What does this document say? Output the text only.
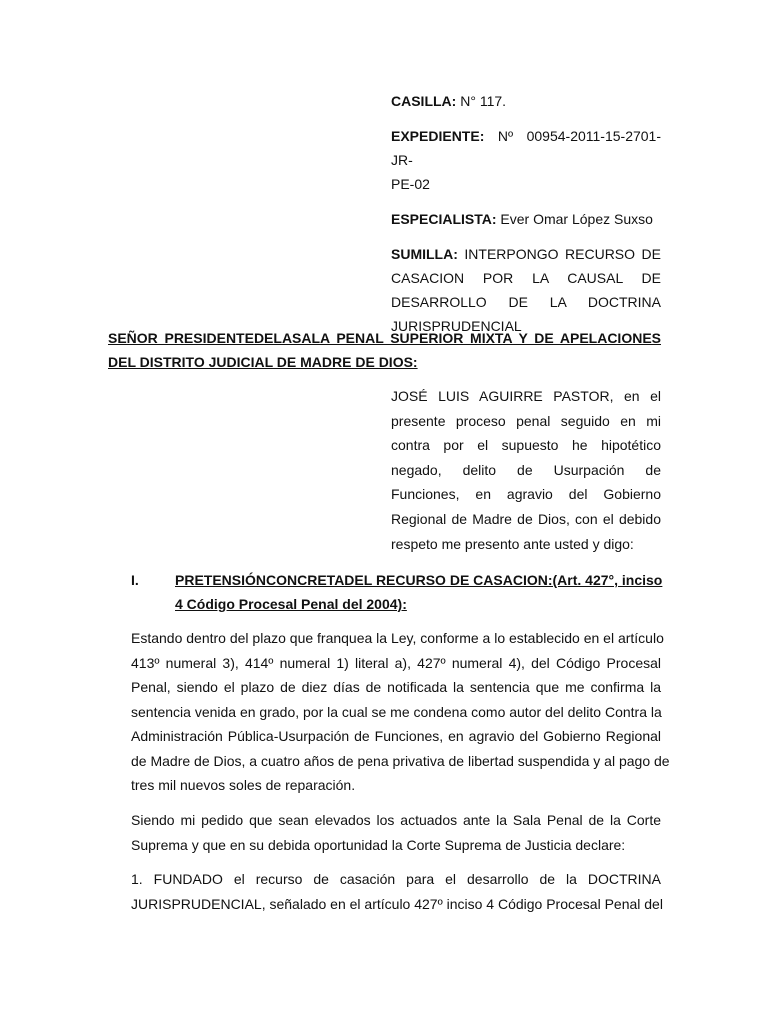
CASILLA: N° 117.
EXPEDIENTE: Nº 00954-2011-15-2701-JR-
PE-02
ESPECIALISTA: Ever Omar López Suxso
SUMILLA: INTERPONGO RECURSO DE
CASACION POR LA CAUSAL DE
DESARROLLO DE LA DOCTRINA
JURISPRUDENCIAL
SEÑOR PRESIDENTEDELASALA PENAL SUPERIOR MIXTA Y DE APELACIONES
DEL DISTRITO JUDICIAL DE MADRE DE DIOS:
JOSÉ LUIS AGUIRRE PASTOR, en el
presente proceso penal seguido en mi
contra por el supuesto he hipotético
negado, delito de Usurpación de
Funciones, en agravio del Gobierno
Regional de Madre de Dios, con el debido
respeto me presento ante usted y digo:
I.	PRETENSIÓNCONCRETADEL RECURSO DE CASACION:(Art. 427°, inciso
4 Código Procesal Penal del 2004):
Estando dentro del plazo que franquea la Ley, conforme a lo establecido en el artículo
413º numeral 3), 414º numeral 1) literal a), 427º numeral 4), del Código Procesal
Penal, siendo el plazo de diez días de notificada la sentencia que me confirma la
sentencia venida en grado, por la cual se me condena como autor del delito Contra la
Administración Pública-Usurpación de Funciones, en agravio del Gobierno Regional
de Madre de Dios, a cuatro años de pena privativa de libertad suspendida y al pago de
tres mil nuevos soles de reparación.
Siendo mi pedido que sean elevados los actuados ante la Sala Penal de la Corte
Suprema y que en su debida oportunidad la Corte Suprema de Justicia declare:
1. FUNDADO el recurso de casación para el desarrollo de la DOCTRINA
JURISPRUDENCIAL, señalado en el artículo 427º inciso 4 Código Procesal Penal del
